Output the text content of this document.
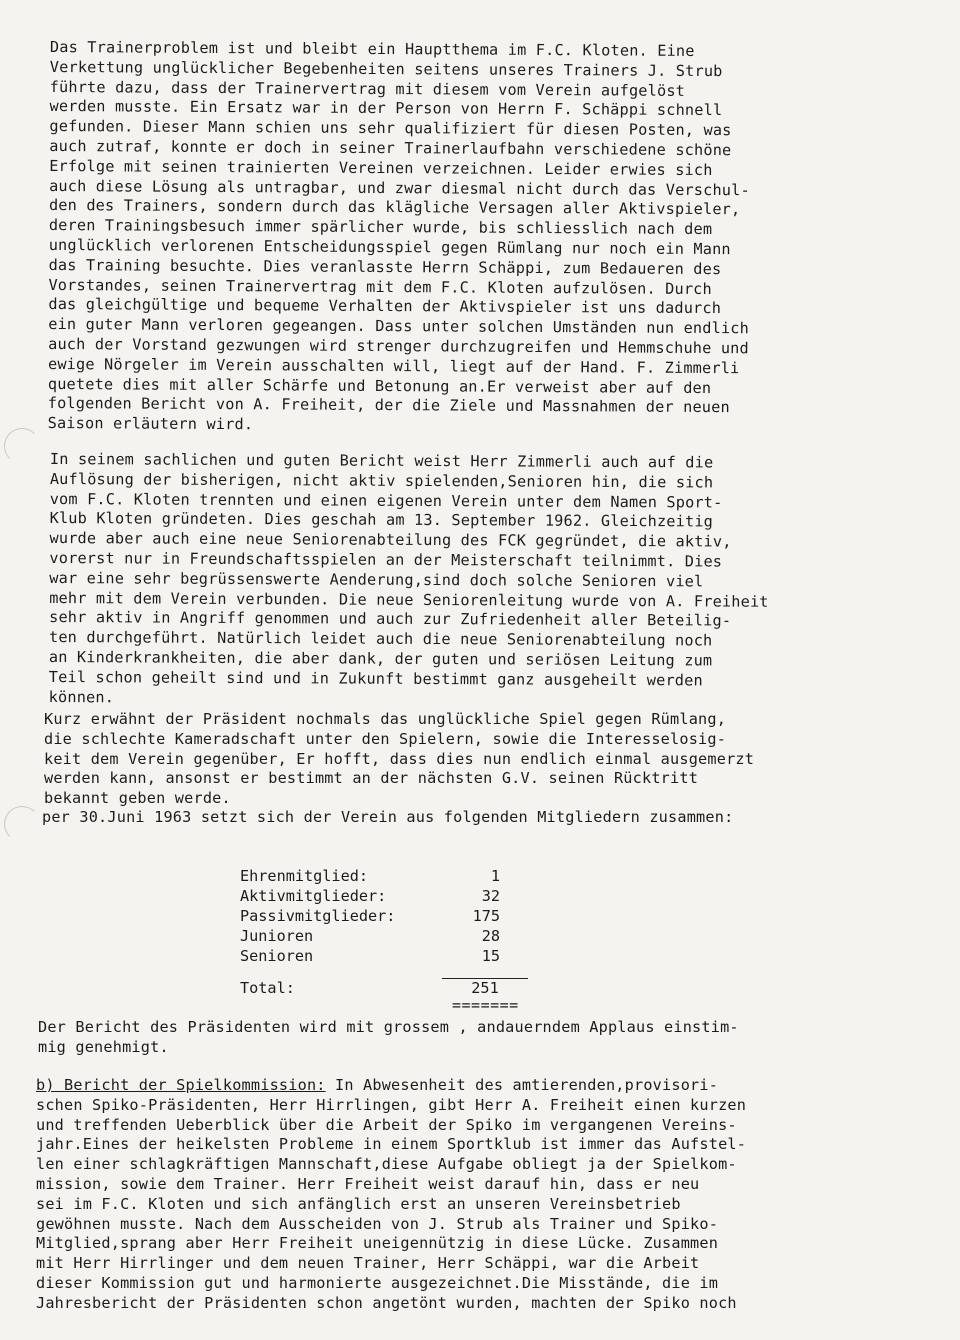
Das Trainerproblem ist und bleibt ein Hauptthema im F.C. Kloten. Eine
Verkettung unglücklicher Begebenheiten seitens unseres Trainers J. Strub
führte dazu, dass der Trainervertrag mit diesem vom Verein aufgelöst
werden musste. Ein Ersatz war in der Person von Herrn F. Schäppi schnell
gefunden. Dieser Mann schien uns sehr qualifiziert für diesen Posten, was
auch zutraf, konnte er doch in seiner Trainerlaufbahn verschiedene schöne
Erfolge mit seinen trainierten Vereinen verzeichnen. Leider erwies sich
auch diese Lösung als untragbar, und zwar diesmal nicht durch das Verschul-
den des Trainers, sondern durch das klägliche Versagen aller Aktivspieler,
deren Trainingsbesuch immer spärlicher wurde, bis schliesslich nach dem
unglücklich verlorenen Entscheidungsspiel gegen Rümlang nur noch ein Mann
das Training besuchte. Dies veranlasste Herrn Schäppi, zum Bedaueren des
Vorstandes, seinen Trainervertrag mit dem F.C. Kloten aufzulösen. Durch
das gleichgültige und bequeme Verhalten der Aktivspieler ist uns dadurch
ein guter Mann verloren gegeangen. Dass unter solchen Umständen nun endlich
auch der Vorstand gezwungen wird strenger durchzugreifen und Hemmschuhe und
ewige Nörgeler im Verein ausschalten will, liegt auf der Hand. F. Zimmerli
quetete dies mit aller Schärfe und Betonung an.Er verweist aber auf den
folgenden Bericht von A. Freiheit, der die Ziele und Massnahmen der neuen
Saison erläutern wird.
In seinem sachlichen und guten Bericht weist Herr Zimmerli auch auf die
Auflösung der bisherigen, nicht aktiv spielenden,Senioren hin, die sich
vom F.C. Kloten trennten und einen eigenen Verein unter dem Namen Sport-
Klub Kloten gründeten. Dies geschah am 13. September 1962. Gleichzeitig
wurde aber auch eine neue Seniorenabteilung des FCK gegründet, die aktiv,
vorerst nur in Freundschaftsspielen an der Meisterschaft teilnimmt. Dies
war eine sehr begrüssenswerte Aenderung,sind doch solche Senioren viel
mehr mit dem Verein verbunden. Die neue Seniorenleitung wurde von A. Freiheit
sehr aktiv in Angriff genommen und auch zur Zufriedenheit aller Beteilig-
ten durchgeführt. Natürlich leidet auch die neue Seniorenabteilung noch
an Kinderkrankheiten, die aber dank, der guten und seriösen Leitung zum
Teil schon geheilt sind und in Zukunft bestimmt ganz ausgeheilt werden
können.
Kurz erwähnt der Präsident nochmals das unglückliche Spiel gegen Rümlang,
die schlechte Kameradschaft unter den Spielern, sowie die Interesselosig-
keit dem Verein gegenüber, Er hofft, dass dies nun endlich einmal ausgemerzt
werden kann, ansonst er bestimmt an der nächsten G.V. seinen Rücktritt
bekannt geben werde.
per 30.Juni 1963 setzt sich der Verein aus folgenden Mitgliedern zusammen:
Ehrenmitglied:	1
Aktivmitglieder:	32
Passivmitglieder:	175
Junioren	28
Senioren	15
Total:	251
=======
Der Bericht des Präsidenten wird mit grossem , andauerndem Applaus einstim-
mig genehmigt.
b) Bericht der Spielkommission: In Abwesenheit des amtierenden,provisori-
schen Spiko-Präsidenten, Herr Hirrlingen, gibt Herr A. Freiheit einen kurzen
und treffenden Ueberblick über die Arbeit der Spiko im vergangenen Vereins-
jahr.Eines der heikelsten Probleme in einem Sportklub ist immer das Aufstel-
len einer schlagkräftigen Mannschaft,diese Aufgabe obliegt ja der Spielkom-
mission, sowie dem Trainer. Herr Freiheit weist darauf hin, dass er neu
sei im F.C. Kloten und sich anfänglich erst an unseren Vereinsbetrieb
gewöhnen musste. Nach dem Ausscheiden von J. Strub als Trainer und Spiko-
Mitglied,sprang aber Herr Freiheit uneigennützig in diese Lücke. Zusammen
mit Herr Hirrlinger und dem neuen Trainer, Herr Schäppi, war die Arbeit
dieser Kommission gut und harmonierte ausgezeichnet.Die Misstände, die im
Jahresbericht der Präsidenten schon angetönt wurden, machten der Spiko noch
